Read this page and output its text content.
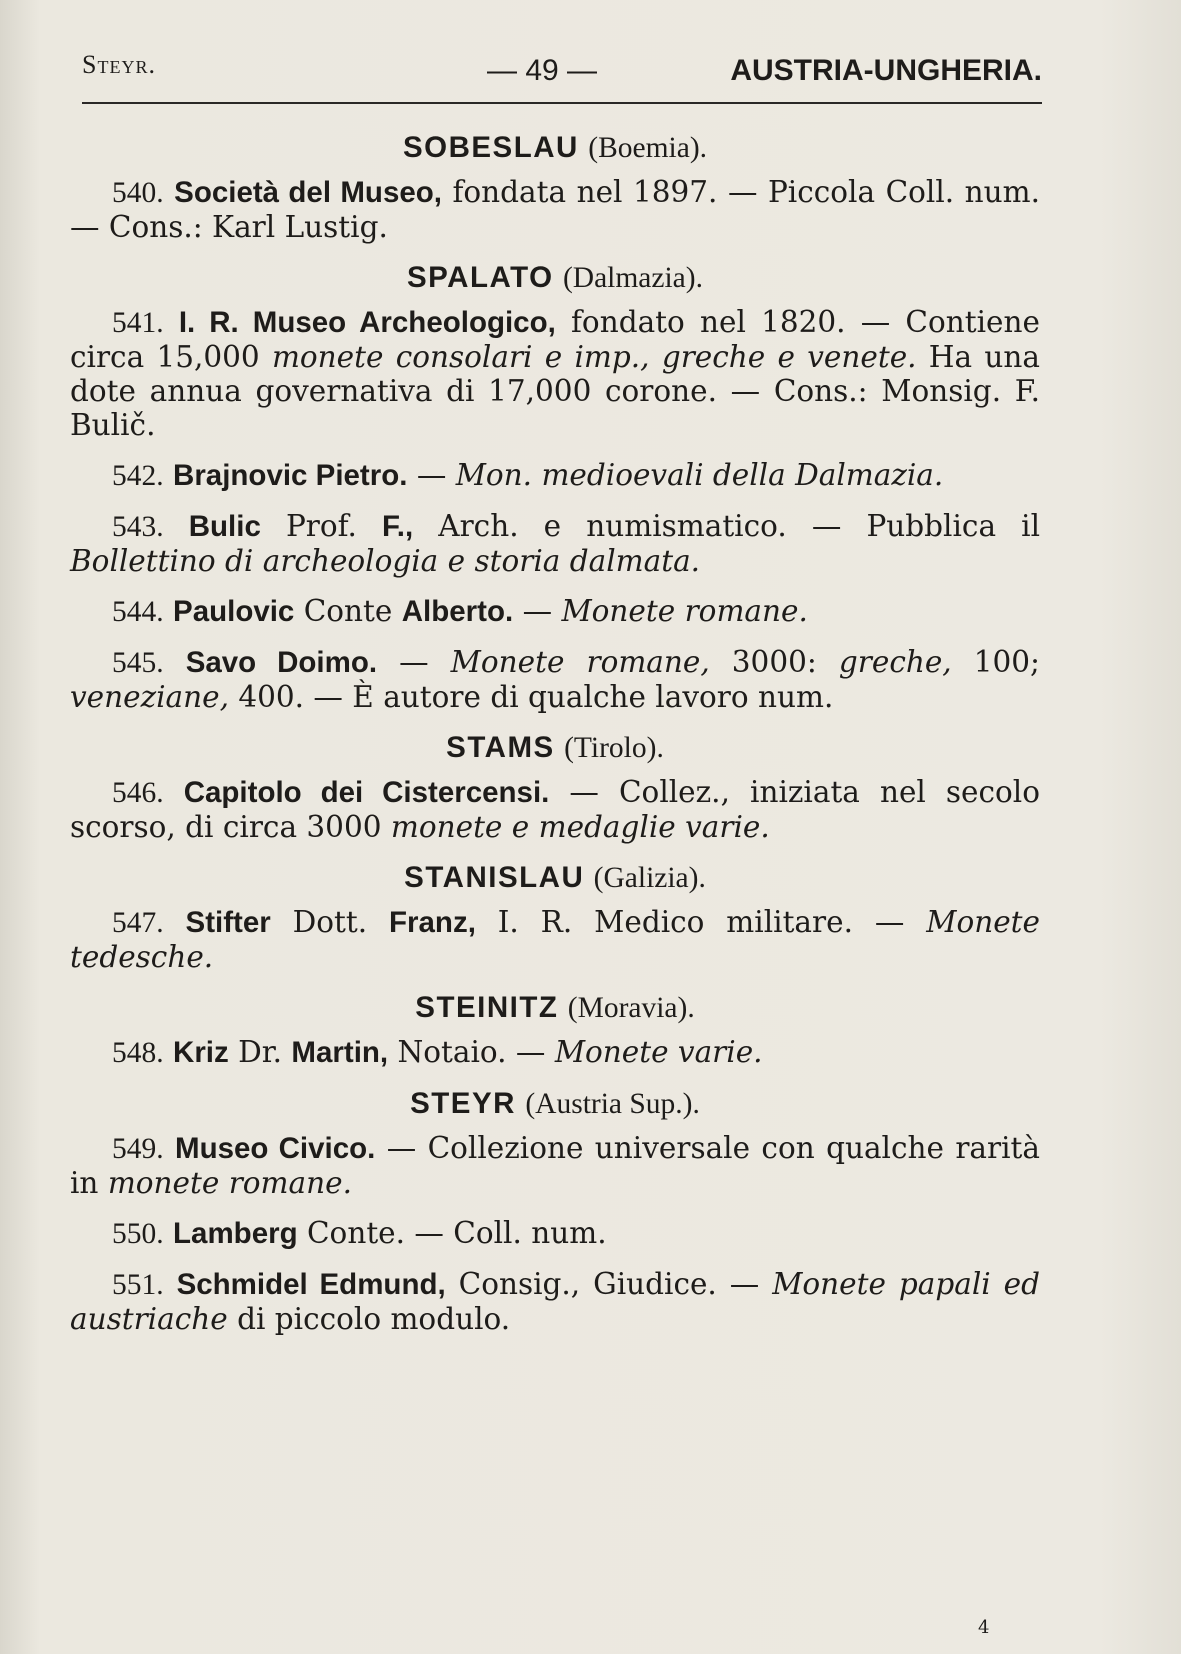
Steyr.	— 49 —	AUSTRIA-UNGHERIA.
SOBESLAU (Boemia).

540. Società del Museo, fondata nel 1897. — Piccola Coll. num. — Cons.: Karl Lustig.

SPALATO (Dalmazia).

541. I. R. Museo Archeologico, fondato nel 1820. — Contiene circa 15,000 monete consolari e imp., greche e venete. Ha una dote annua governativa di 17,000 corone. — Cons.: Monsig. F. Bulič.

542. Brajnovic Pietro. — Mon. medioevali della Dalmazia.

543. Bulic Prof. F., Arch. e numismatico. — Pubblica il Bollettino di archeologia e storia dalmata.

544. Paulovic Conte Alberto. — Monete romane.

545. Savo Doimo. — Monete romane, 3000: greche, 100; veneziane, 400. — È autore di qualche lavoro num.

STAMS (Tirolo).

546. Capitolo dei Cistercensi. — Collez., iniziata nel secolo scorso, di circa 3000 monete e medaglie varie.

STANISLAU (Galizia).

547. Stifter Dott. Franz, I. R. Medico militare. — Monete tedesche.

STEINITZ (Moravia).

548. Kriz Dr. Martin, Notaio. — Monete varie.

STEYR (Austria Sup.).

549. Museo Civico. — Collezione universale con qualche rarità in monete romane.

550. Lamberg Conte. — Coll. num.

551. Schmidel Edmund, Consig., Giudice. — Monete papali ed austriache di piccolo modulo.

4
